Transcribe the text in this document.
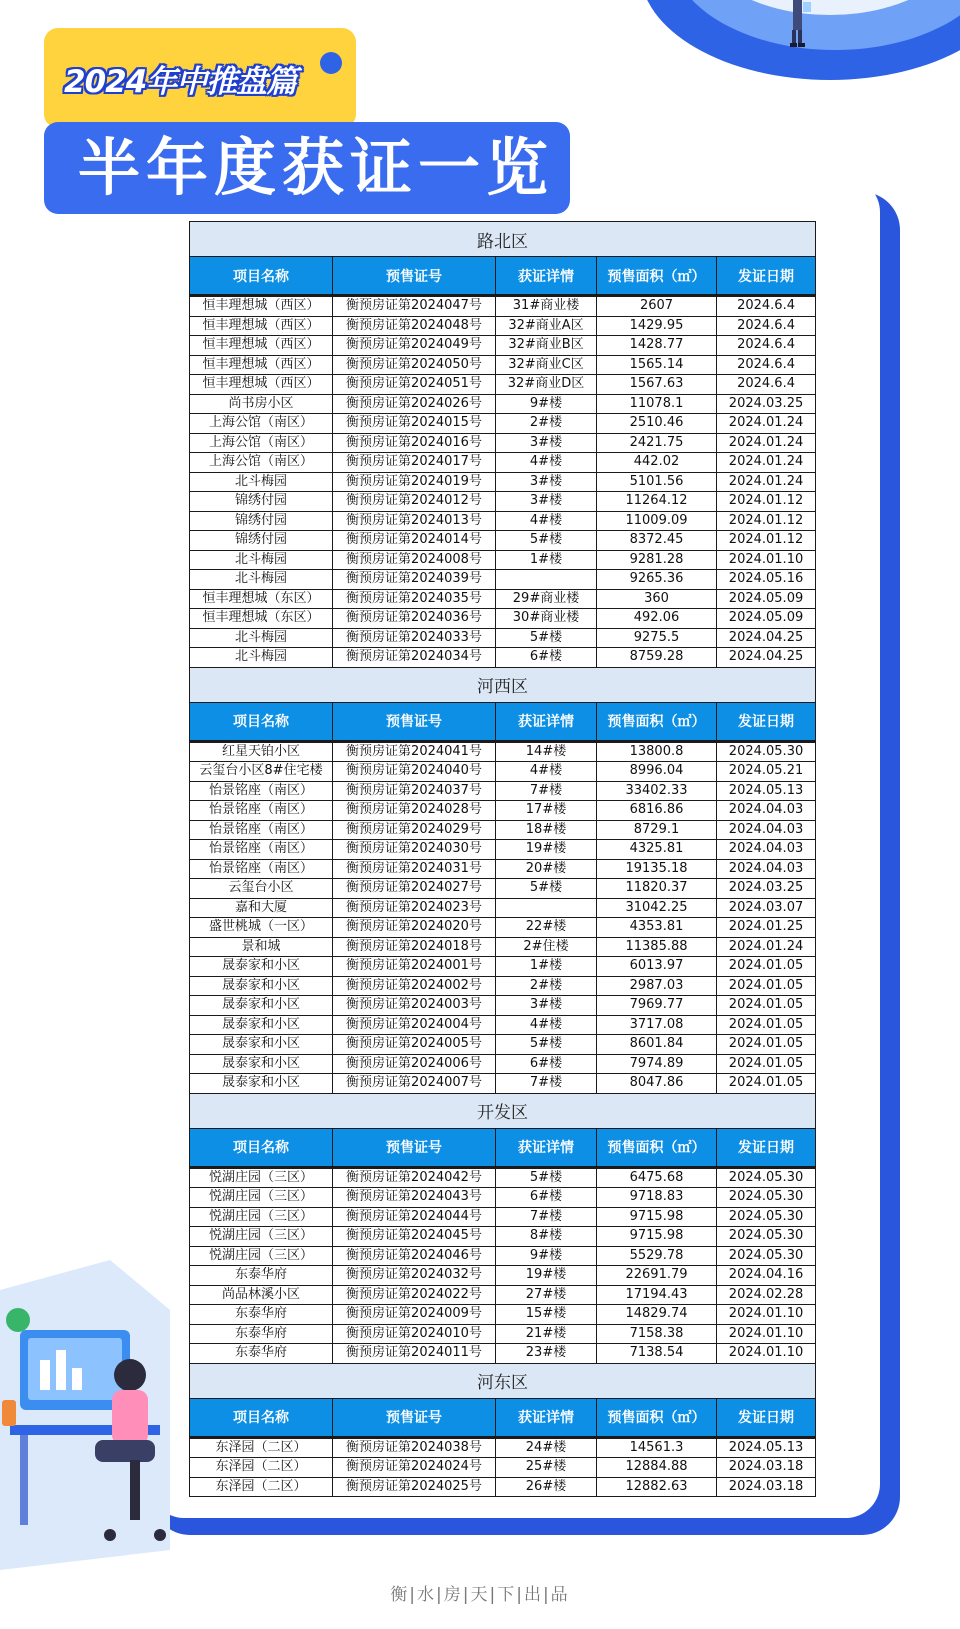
2024年中推盘篇
半年度获证一览
路北区				
项目名称	预售证号	获证详情	预售面积（㎡）	发证日期
恒丰理想城（西区）	衡预房证第2024047号	31#商业楼	2607	2024.6.4
恒丰理想城（西区）	衡预房证第2024048号	32#商业A区	1429.95	2024.6.4
恒丰理想城（西区）	衡预房证第2024049号	32#商业B区	1428.77	2024.6.4
恒丰理想城（西区）	衡预房证第2024050号	32#商业C区	1565.14	2024.6.4
恒丰理想城（西区）	衡预房证第2024051号	32#商业D区	1567.63	2024.6.4
尚书房小区	衡预房证第2024026号	9#楼	11078.1	2024.03.25
上海公馆（南区）	衡预房证第2024015号	2#楼	2510.46	2024.01.24
上海公馆（南区）	衡预房证第2024016号	3#楼	2421.75	2024.01.24
上海公馆（南区）	衡预房证第2024017号	4#楼	442.02	2024.01.24
北斗梅园	衡预房证第2024019号	3#楼	5101.56	2024.01.24
锦绣付园	衡预房证第2024012号	3#楼	11264.12	2024.01.12
锦绣付园	衡预房证第2024013号	4#楼	11009.09	2024.01.12
锦绣付园	衡预房证第2024014号	5#楼	8372.45	2024.01.12
北斗梅园	衡预房证第2024008号	1#楼	9281.28	2024.01.10
北斗梅园	衡预房证第2024039号		9265.36	2024.05.16
恒丰理想城（东区）	衡预房证第2024035号	29#商业楼	360	2024.05.09
恒丰理想城（东区）	衡预房证第2024036号	30#商业楼	492.06	2024.05.09
北斗梅园	衡预房证第2024033号	5#楼	9275.5	2024.04.25
北斗梅园	衡预房证第2024034号	6#楼	8759.28	2024.04.25
河西区				
项目名称	预售证号	获证详情	预售面积（㎡）	发证日期
红星天铂小区	衡预房证第2024041号	14#楼	13800.8	2024.05.30
云玺台小区8#住宅楼	衡预房证第2024040号	4#楼	8996.04	2024.05.21
怡景铭座（南区）	衡预房证第2024037号	7#楼	33402.33	2024.05.13
怡景铭座（南区）	衡预房证第2024028号	17#楼	6816.86	2024.04.03
怡景铭座（南区）	衡预房证第2024029号	18#楼	8729.1	2024.04.03
怡景铭座（南区）	衡预房证第2024030号	19#楼	4325.81	2024.04.03
怡景铭座（南区）	衡预房证第2024031号	20#楼	19135.18	2024.04.03
云玺台小区	衡预房证第2024027号	5#楼	11820.37	2024.03.25
嘉和大厦	衡预房证第2024023号		31042.25	2024.03.07
盛世桃城（一区）	衡预房证第2024020号	22#楼	4353.81	2024.01.25
景和城	衡预房证第2024018号	2#住楼	11385.88	2024.01.24
晟泰家和小区	衡预房证第2024001号	1#楼	6013.97	2024.01.05
晟泰家和小区	衡预房证第2024002号	2#楼	2987.03	2024.01.05
晟泰家和小区	衡预房证第2024003号	3#楼	7969.77	2024.01.05
晟泰家和小区	衡预房证第2024004号	4#楼	3717.08	2024.01.05
晟泰家和小区	衡预房证第2024005号	5#楼	8601.84	2024.01.05
晟泰家和小区	衡预房证第2024006号	6#楼	7974.89	2024.01.05
晟泰家和小区	衡预房证第2024007号	7#楼	8047.86	2024.01.05
开发区				
项目名称	预售证号	获证详情	预售面积（㎡）	发证日期
悦湖庄园（三区）	衡预房证第2024042号	5#楼	6475.68	2024.05.30
悦湖庄园（三区）	衡预房证第2024043号	6#楼	9718.83	2024.05.30
悦湖庄园（三区）	衡预房证第2024044号	7#楼	9715.98	2024.05.30
悦湖庄园（三区）	衡预房证第2024045号	8#楼	9715.98	2024.05.30
悦湖庄园（三区）	衡预房证第2024046号	9#楼	5529.78	2024.05.30
东泰华府	衡预房证第2024032号	19#楼	22691.79	2024.04.16
尚品林溪小区	衡预房证第2024022号	27#楼	17194.43	2024.02.28
东泰华府	衡预房证第2024009号	15#楼	14829.74	2024.01.10
东泰华府	衡预房证第2024010号	21#楼	7158.38	2024.01.10
东泰华府	衡预房证第2024011号	23#楼	7138.54	2024.01.10
河东区				
项目名称	预售证号	获证详情	预售面积（㎡）	发证日期
东泽园（二区）	衡预房证第2024038号	24#楼	14561.3	2024.05.13
东泽园（二区）	衡预房证第2024024号	25#楼	12884.88	2024.03.18
东泽园（二区）	衡预房证第2024025号	26#楼	12882.63	2024.03.18
衡|水|房|天|下|出|品
